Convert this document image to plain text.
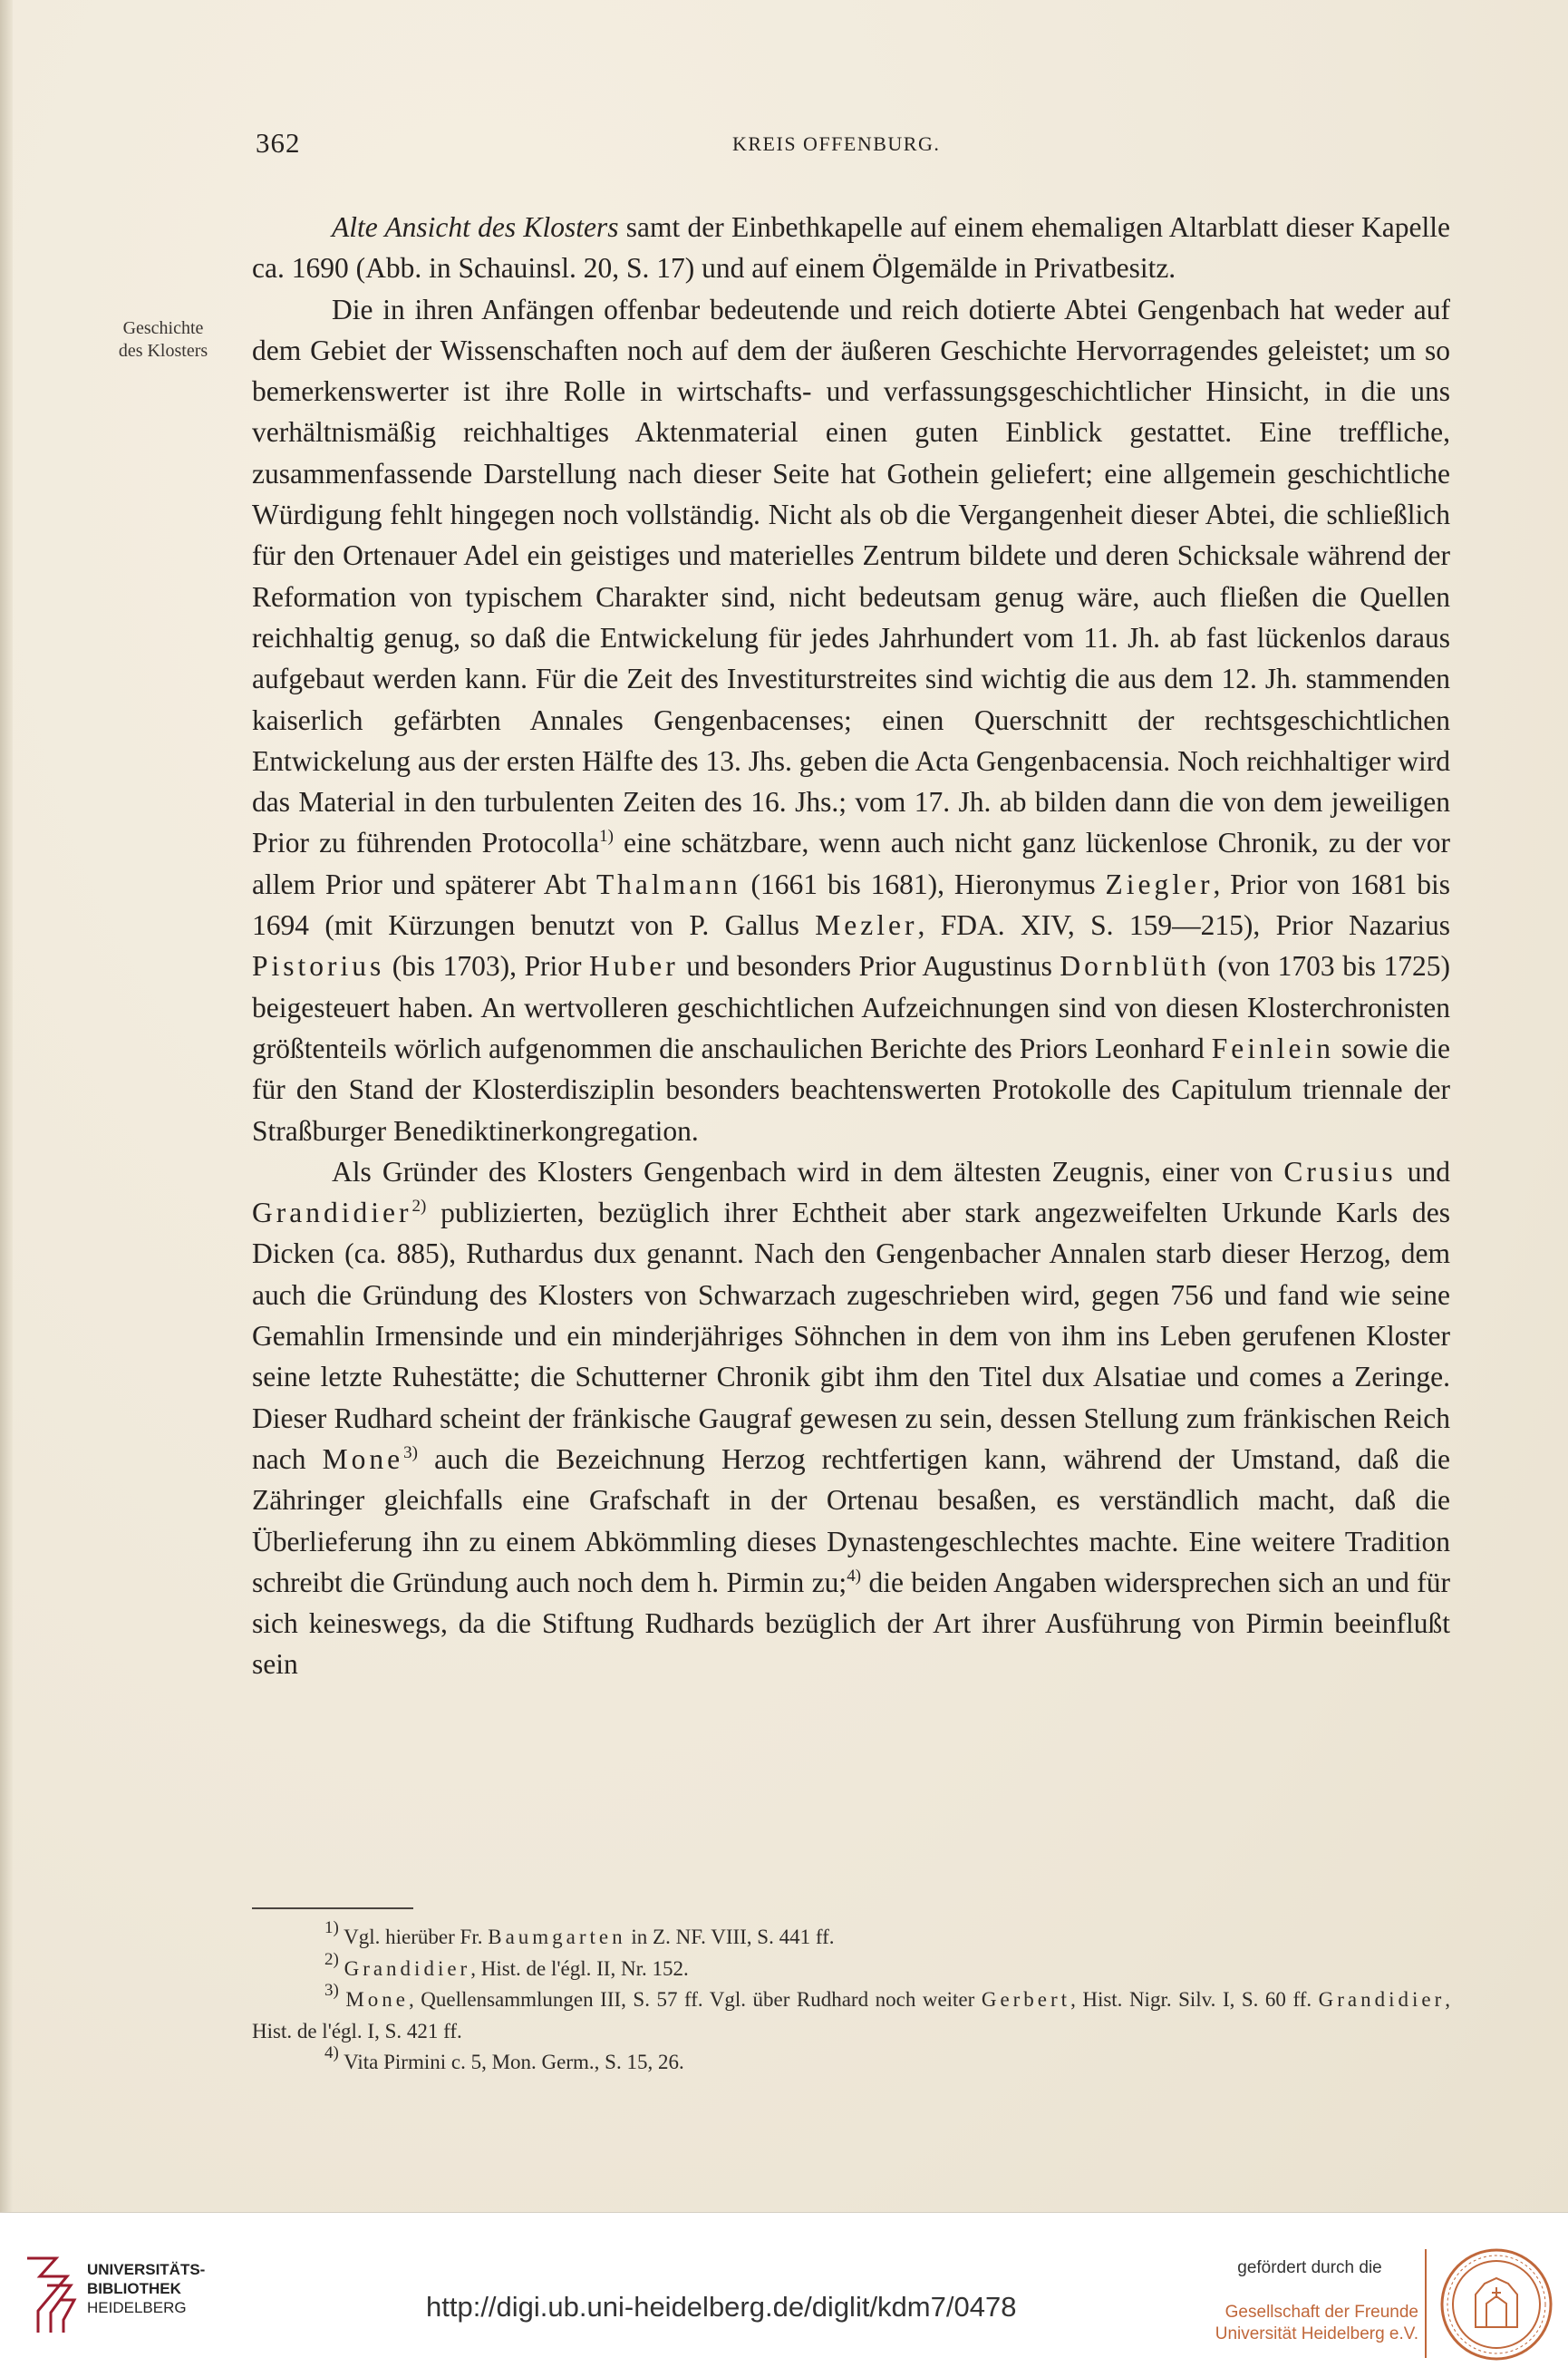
362	KREIS OFFENBURG.
Geschichte
des Klosters

Alte Ansicht des Klosters samt der Einbethkapelle auf einem ehemaligen Altarblatt dieser Kapelle ca. 1690 (Abb. in Schauinsl. 20, S. 17) und auf einem Ölgemälde in Privatbesitz.

Die in ihren Anfängen offenbar bedeutende und reich dotierte Abtei Gengenbach hat weder auf dem Gebiet der Wissenschaften noch auf dem der äußeren Geschichte Hervorragendes geleistet; um so bemerkenswerter ist ihre Rolle in wirtschafts- und verfassungsgeschichtlicher Hinsicht, in die uns verhältnismäßig reichhaltiges Aktenmaterial einen guten Einblick gestattet. Eine treffliche, zusammenfassende Darstellung nach dieser Seite hat Gothein geliefert; eine allgemein geschichtliche Würdigung fehlt hingegen noch vollständig. Nicht als ob die Vergangenheit dieser Abtei, die schließlich für den Ortenauer Adel ein geistiges und materielles Zentrum bildete und deren Schicksale während der Reformation von typischem Charakter sind, nicht bedeutsam genug wäre, auch fließen die Quellen reichhaltig genug, so daß die Entwickelung für jedes Jahrhundert vom 11. Jh. ab fast lückenlos daraus aufgebaut werden kann. Für die Zeit des Investiturstreites sind wichtig die aus dem 12. Jh. stammenden kaiserlich gefärbten Annales Gengenbacenses; einen Querschnitt der rechtsgeschichtlichen Entwickelung aus der ersten Hälfte des 13. Jhs. geben die Acta Gengenbacensia. Noch reichhaltiger wird das Material in den turbulenten Zeiten des 16. Jhs.; vom 17. Jh. ab bilden dann die von dem jeweiligen Prior zu führenden Protocolla$^{1)}$ eine schätzbare, wenn auch nicht ganz lückenlose Chronik, zu der vor allem Prior und späterer Abt Thalmann (1661 bis 1681), Hieronymus Ziegler, Prior von 1681 bis 1694 (mit Kürzungen benutzt von P. Gallus Mezler, FDA. XIV, S. 159—215), Prior Nazarius Pistorius (bis 1703), Prior Huber und besonders Prior Augustinus Dornblüth (von 1703 bis 1725) beigesteuert haben. An wertvolleren geschichtlichen Aufzeichnungen sind von diesen Klosterchronisten größtenteils wörlich aufgenommen die anschaulichen Berichte des Priors Leonhard Feinlein sowie die für den Stand der Klosterdisziplin besonders beachtenswerten Protokolle des Capitulum triennale der Straßburger Benediktinerkongregation.

Als Gründer des Klosters Gengenbach wird in dem ältesten Zeugnis, einer von Crusius und Grandidier$^{2)}$ publizierten, bezüglich ihrer Echtheit aber stark angezweifelten Urkunde Karls des Dicken (ca. 885), Ruthardus dux genannt. Nach den Gengenbacher Annalen starb dieser Herzog, dem auch die Gründung des Klosters von Schwarzach zugeschrieben wird, gegen 756 und fand wie seine Gemahlin Irmensinde und ein minderjähriges Söhnchen in dem von ihm ins Leben gerufenen Kloster seine letzte Ruhestätte; die Schutterner Chronik gibt ihm den Titel dux Alsatiae und comes a Zeringe. Dieser Rudhard scheint der fränkische Gaugraf gewesen zu sein, dessen Stellung zum fränkischen Reich nach Mone$^{3)}$ auch die Bezeichnung Herzog rechtfertigen kann, während der Umstand, daß die Zähringer gleichfalls eine Grafschaft in der Ortenau besaßen, es verständlich macht, daß die Überlieferung ihn zu einem Abkömmling dieses Dynastengeschlechtes machte. Eine weitere Tradition schreibt die Gründung auch noch dem h. Pirmin zu;$^{4)}$ die beiden Angaben widersprechen sich an und für sich keineswegs, da die Stiftung Rudhards bezüglich der Art ihrer Ausführung von Pirmin beeinflußt sein

$^{1)}$ Vgl. hierüber Fr. Baumgarten in Z. NF. VIII, S. 441 ff.

$^{2)}$ Grandidier, Hist. de l'égl. II, Nr. 152.

$^{3)}$ Mone, Quellensammlungen III, S. 57 ff. Vgl. über Rudhard noch weiter Gerbert, Hist. Nigr. Silv. I, S. 60 ff. Grandidier, Hist. de l'égl. I, S. 421 ff.

$^{4)}$ Vita Pirmini c. 5, Mon. Germ., S. 15, 26.

UNIVERSITÄTS-
BIBLIOTHEK
HEIDELBERG	http://digi.ub.uni-heidelberg.de/diglit/kdm7/0478
gefördert durch die
Gesellschaft der Freunde
Universität Heidelberg e.V.
